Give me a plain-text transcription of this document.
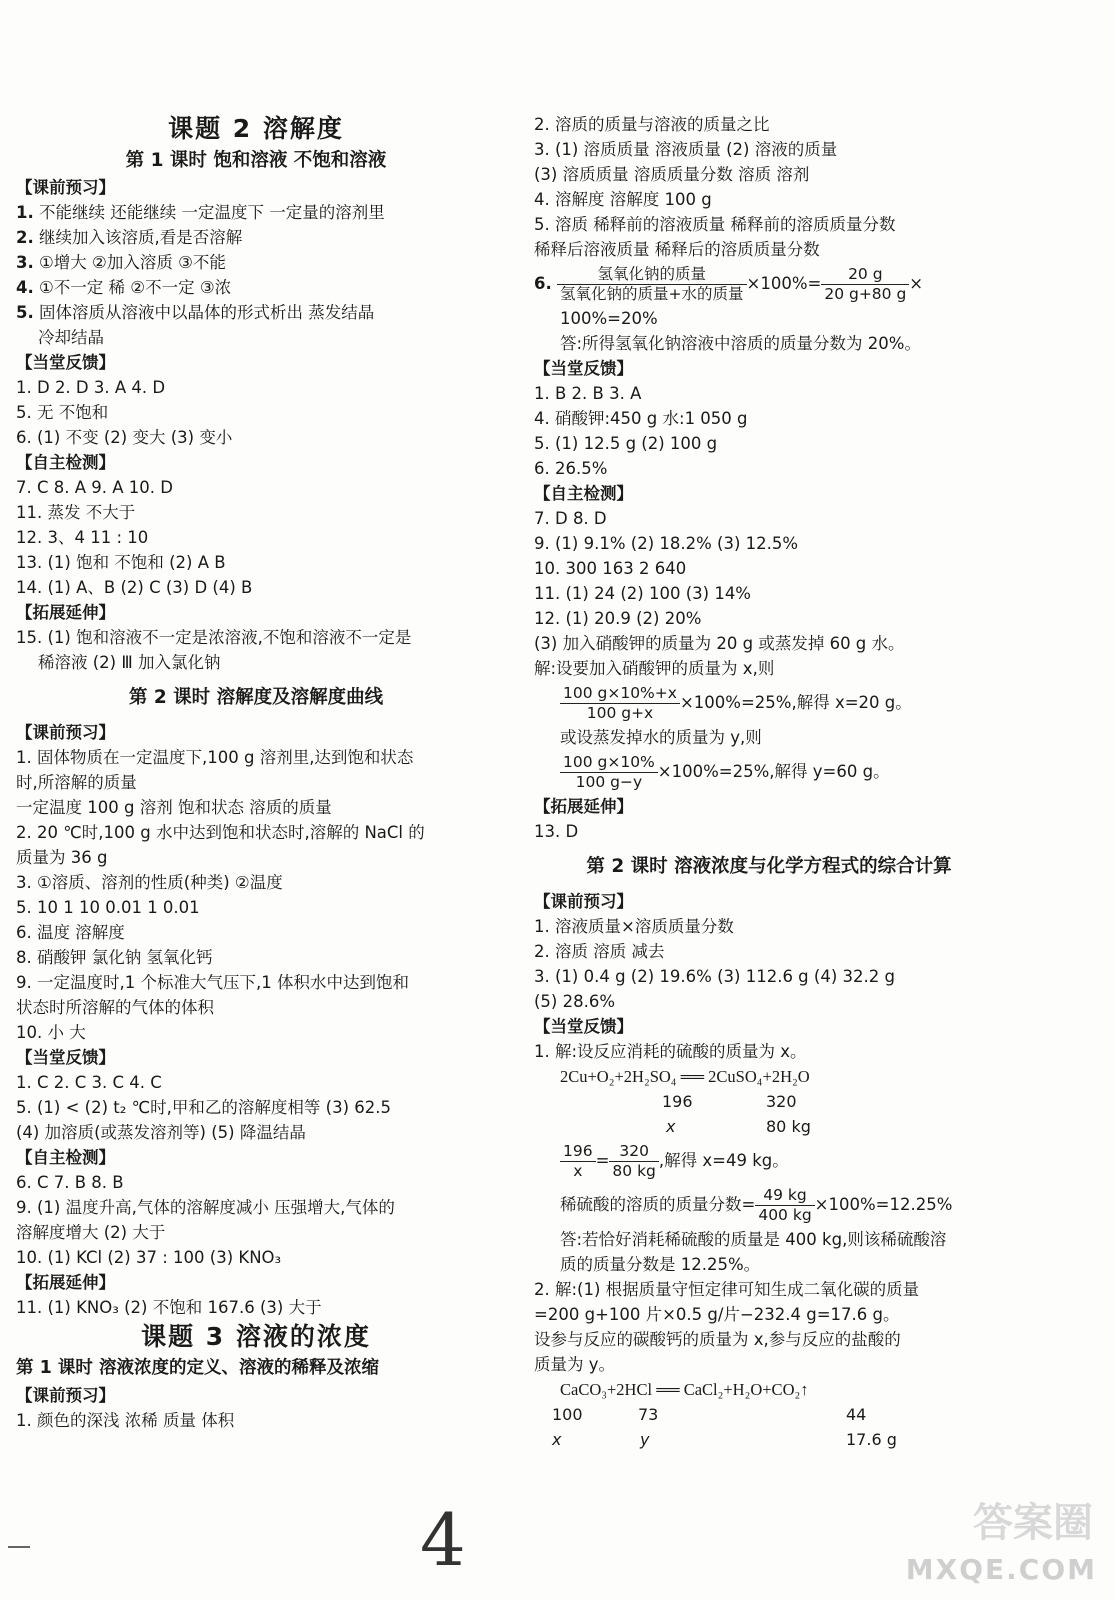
课题 2 溶解度
第 1 课时 饱和溶液 不饱和溶液
【课前预习】
1. 不能继续 还能继续 一定温度下 一定量的溶剂里
2. 继续加入该溶质,看是否溶解
3. ①增大 ②加入溶质 ③不能
4. ①不一定 稀 ②不一定 ③浓
5. 固体溶质从溶液中以晶体的形式析出 蒸发结晶
冷却结晶
【当堂反馈】
1. D 2. D 3. A 4. D
5. 无 不饱和
6. (1) 不变 (2) 变大 (3) 变小
【自主检测】
7. C 8. A 9. A 10. D
11. 蒸发 不大于
12. 3、4 11 : 10
13. (1) 饱和 不饱和 (2) A B
14. (1) A、B (2) C (3) D (4) B
【拓展延伸】
15. (1) 饱和溶液不一定是浓溶液,不饱和溶液不一定是
稀溶液 (2) Ⅲ 加入氯化钠
第 2 课时 溶解度及溶解度曲线
【课前预习】
1. 固体物质在一定温度下,100 g 溶剂里,达到饱和状态
时,所溶解的质量
一定温度 100 g 溶剂 饱和状态 溶质的质量
2. 20 ℃时,100 g 水中达到饱和状态时,溶解的 NaCl 的
质量为 36 g
3. ①溶质、溶剂的性质(种类) ②温度
5. 10 1 10 0.01 1 0.01
6. 温度 溶解度
8. 硝酸钾 氯化钠 氢氧化钙
9. 一定温度时,1 个标准大气压下,1 体积水中达到饱和
状态时所溶解的气体的体积
10. 小 大
【当堂反馈】
1. C 2. C 3. C 4. C
5. (1) < (2) t₂ ℃时,甲和乙的溶解度相等 (3) 62.5
(4) 加溶质(或蒸发溶剂等) (5) 降温结晶
【自主检测】
6. C 7. B 8. B
9. (1) 温度升高,气体的溶解度减小 压强增大,气体的
溶解度增大 (2) 大于
10. (1) KCl (2) 37 : 100 (3) KNO₃
【拓展延伸】
11. (1) KNO₃ (2) 不饱和 167.6 (3) 大于
课题 3 溶液的浓度
第 1 课时 溶液浓度的定义、溶液的稀释及浓缩
【课前预习】
1. 颜色的深浅 浓稀 质量 体积
2. 溶质的质量与溶液的质量之比
3. (1) 溶质质量 溶液质量 (2) 溶液的质量
(3) 溶质质量 溶质质量分数 溶质 溶剂
4. 溶解度 溶解度 100 g
5. 溶质 稀释前的溶液质量 稀释前的溶质质量分数
稀释后溶液质量 稀释后的溶质质量分数
6.	氢氧化钠的质量
氢氧化钠的质量+水的质量
$\times 100\%= \frac{20 g}{20 g+80 g}$ ×
100%=20%
答:所得氢氧化钠溶液中溶质的质量分数为 20%。
【当堂反馈】
1. B 2. B 3. A
4. 硝酸钾:450 g 水:1 050 g
5. (1) 12.5 g (2) 100 g
6. 26.5%
【自主检测】
7. D 8. D
9. (1) 9.1% (2) 18.2% (3) 12.5%
10. 300 163 2 640
11. (1) 24 (2) 100 (3) 14%
12. (1) 20.9 (2) 20%
(3) 加入硝酸钾的质量为 20 g 或蒸发掉 60 g 水。
解:设要加入硝酸钾的质量为 x,则
$\frac{100 g\times 10\%+x}{100 g+x} \times 100\%=25\%$,解得 x=20 g。
或设蒸发掉水的质量为 y,则
$\frac{100 g\times 10\%}{100 g-y} \times 100\%=25\%$,解得 y=60 g。
【拓展延伸】
13. D
第 2 课时 溶液浓度与化学方程式的综合计算
【课前预习】
1. 溶液质量×溶质质量分数
2. 溶质 溶质 减去
3. (1) 0.4 g (2) 19.6% (3) 112.6 g (4) 32.2 g
(5) 28.6%
【当堂反馈】
1. 解:设反应消耗的硫酸的质量为 x。
2Cu+O₂+2H₂SO₄ ══ 2CuSO₄+2H₂O
196	320
x	80 kg
$\frac{196}{x} = \frac{320}{80 kg}$ ,解得 x=49 kg。
稀硫酸的溶质的质量分数= $\frac{49 kg}{400 kg} \times 100\%=12.25\%$
答:若恰好消耗稀硫酸的质量是 400 kg,则该稀硫酸溶
质的质量分数是 12.25%。
2. 解:(1) 根据质量守恒定律可知生成二氧化碳的质量
=200 g+100 片×0.5 g/片−232.4 g=17.6 g。
设参与反应的碳酸钙的质量为 x,参与反应的盐酸的
质量为 y。
CaCO₃+2HCl ══ CaCl₂+H₂O+CO₂↑
100	73	44
x	y	17.6 g
4	答案圈
MXQE.COM
